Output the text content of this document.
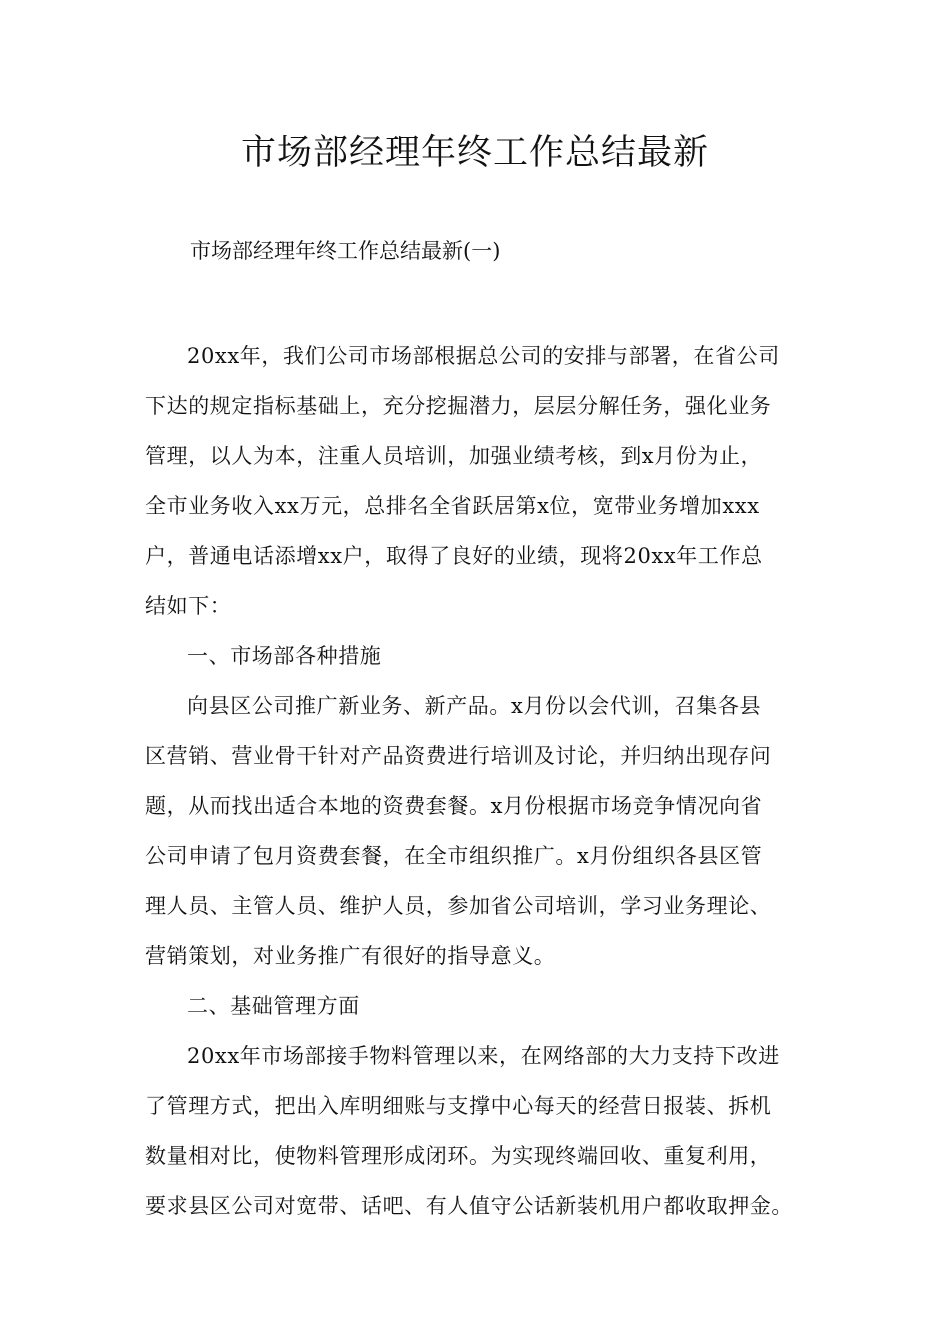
市场部经理年终工作总结最新

市场部经理年终工作总结最新(一)

20xx年，我们公司市场部根据总公司的安排与部署，在省公司
下达的规定指标基础上，充分挖掘潜力，层层分解任务，强化业务
管理，以人为本，注重人员培训，加强业绩考核，到x月份为止，
全市业务收入xx万元，总排名全省跃居第x位，宽带业务增加xxx
户，普通电话添增xx户，取得了良好的业绩，现将20xx年工作总
结如下：

一、市场部各种措施

向县区公司推广新业务、新产品。x月份以会代训，召集各县
区营销、营业骨干针对产品资费进行培训及讨论，并归纳出现存问
题，从而找出适合本地的资费套餐。x月份根据市场竞争情况向省
公司申请了包月资费套餐，在全市组织推广。x月份组织各县区管
理人员、主管人员、维护人员，参加省公司培训，学习业务理论、
营销策划，对业务推广有很好的指导意义。

二、基础管理方面

20xx年市场部接手物料管理以来，在网络部的大力支持下改进
了管理方式，把出入库明细账与支撑中心每天的经营日报装、拆机
数量相对比，使物料管理形成闭环。为实现终端回收、重复利用，
要求县区公司对宽带、话吧、有人值守公话新装机用户都收取押金。
